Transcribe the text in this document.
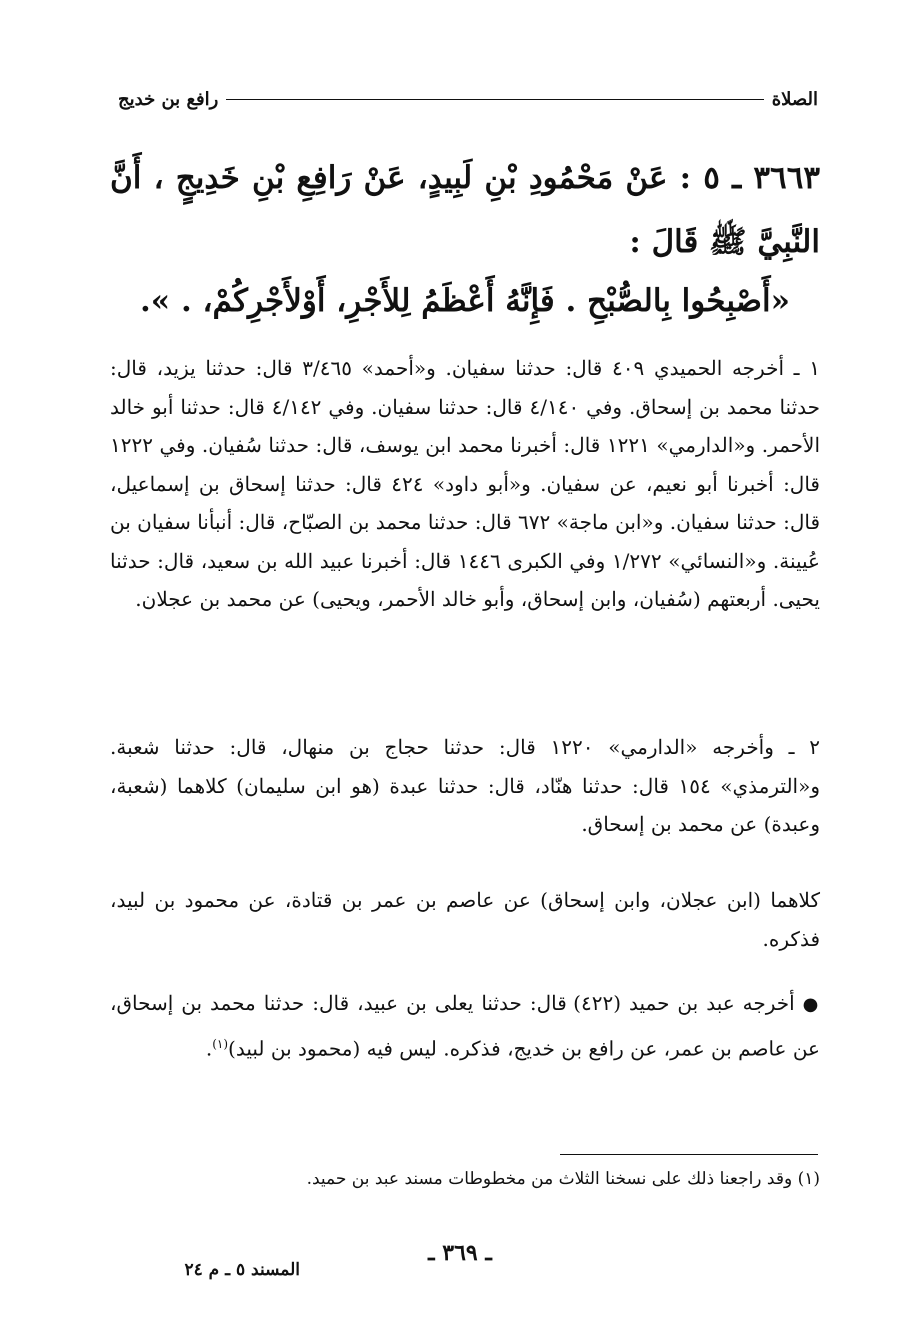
الصلاة
رافع بن خديج
٣٦٦٣ ـ ٥ : عَنْ مَحْمُودِ بْنِ لَبِيدٍ، عَنْ رَافِعِ بْنِ خَدِيجٍ ، أَنَّ النَّبِيَّ ﷺ قَالَ :
«أَصْبِحُوا بِالصُّبْحِ . فَإِنَّهُ أَعْظَمُ لِلأَجْرِ، أَوْلأَجْرِكُمْ، . ».
١ ـ أخرجه الحميدي ٤٠٩ قال: حدثنا سفيان. و«أحمد» ٣/٤٦٥ قال: حدثنا يزيد، قال: حدثنا محمد بن إسحاق. وفي ٤/١٤٠ قال: حدثنا سفيان. وفي ٤/١٤٢ قال: حدثنا أبو خالد الأحمر. و«الدارمي» ١٢٢١ قال: أخبرنا محمد ابن يوسف، قال: حدثنا سُفيان. وفي ١٢٢٢ قال: أخبرنا أبو نعيم، عن سفيان. و«أبو داود» ٤٢٤ قال: حدثنا إسحاق بن إسماعيل، قال: حدثنا سفيان. و«ابن ماجة» ٦٧٢ قال: حدثنا محمد بن الصبّاح، قال: أنبأنا سفيان بن عُيينة. و«النسائي» ١/٢٧٢ وفي الكبرى ١٤٤٦ قال: أخبرنا عبيد الله بن سعيد، قال: حدثنا يحيى. أربعتهم (سُفيان، وابن إسحاق، وأبو خالد الأحمر، ويحيى) عن محمد بن عجلان.
٢ ـ وأخرجه «الدارمي» ١٢٢٠ قال: حدثنا حجاج بن منهال، قال: حدثنا شعبة. و«الترمذي» ١٥٤ قال: حدثنا هنّاد، قال: حدثنا عبدة (هو ابن سليمان) كلاهما (شعبة، وعبدة) عن محمد بن إسحاق.
كلاهما (ابن عجلان، وابن إسحاق) عن عاصم بن عمر بن قتادة، عن محمود بن لبيد، فذكره.
● أخرجه عبد بن حميد (٤٢٢) قال: حدثنا يعلى بن عبيد، قال: حدثنا محمد بن إسحاق، عن عاصم بن عمر، عن رافع بن خديج، فذكره. ليس فيه (محمود بن لبيد)$^{(١)}$.
(١) وقد راجعنا ذلك على نسخنا الثلاث من مخطوطات مسند عبد بن حميد.
ـ ٣٦٩ ـ
المسند ٥ ـ م ٢٤
